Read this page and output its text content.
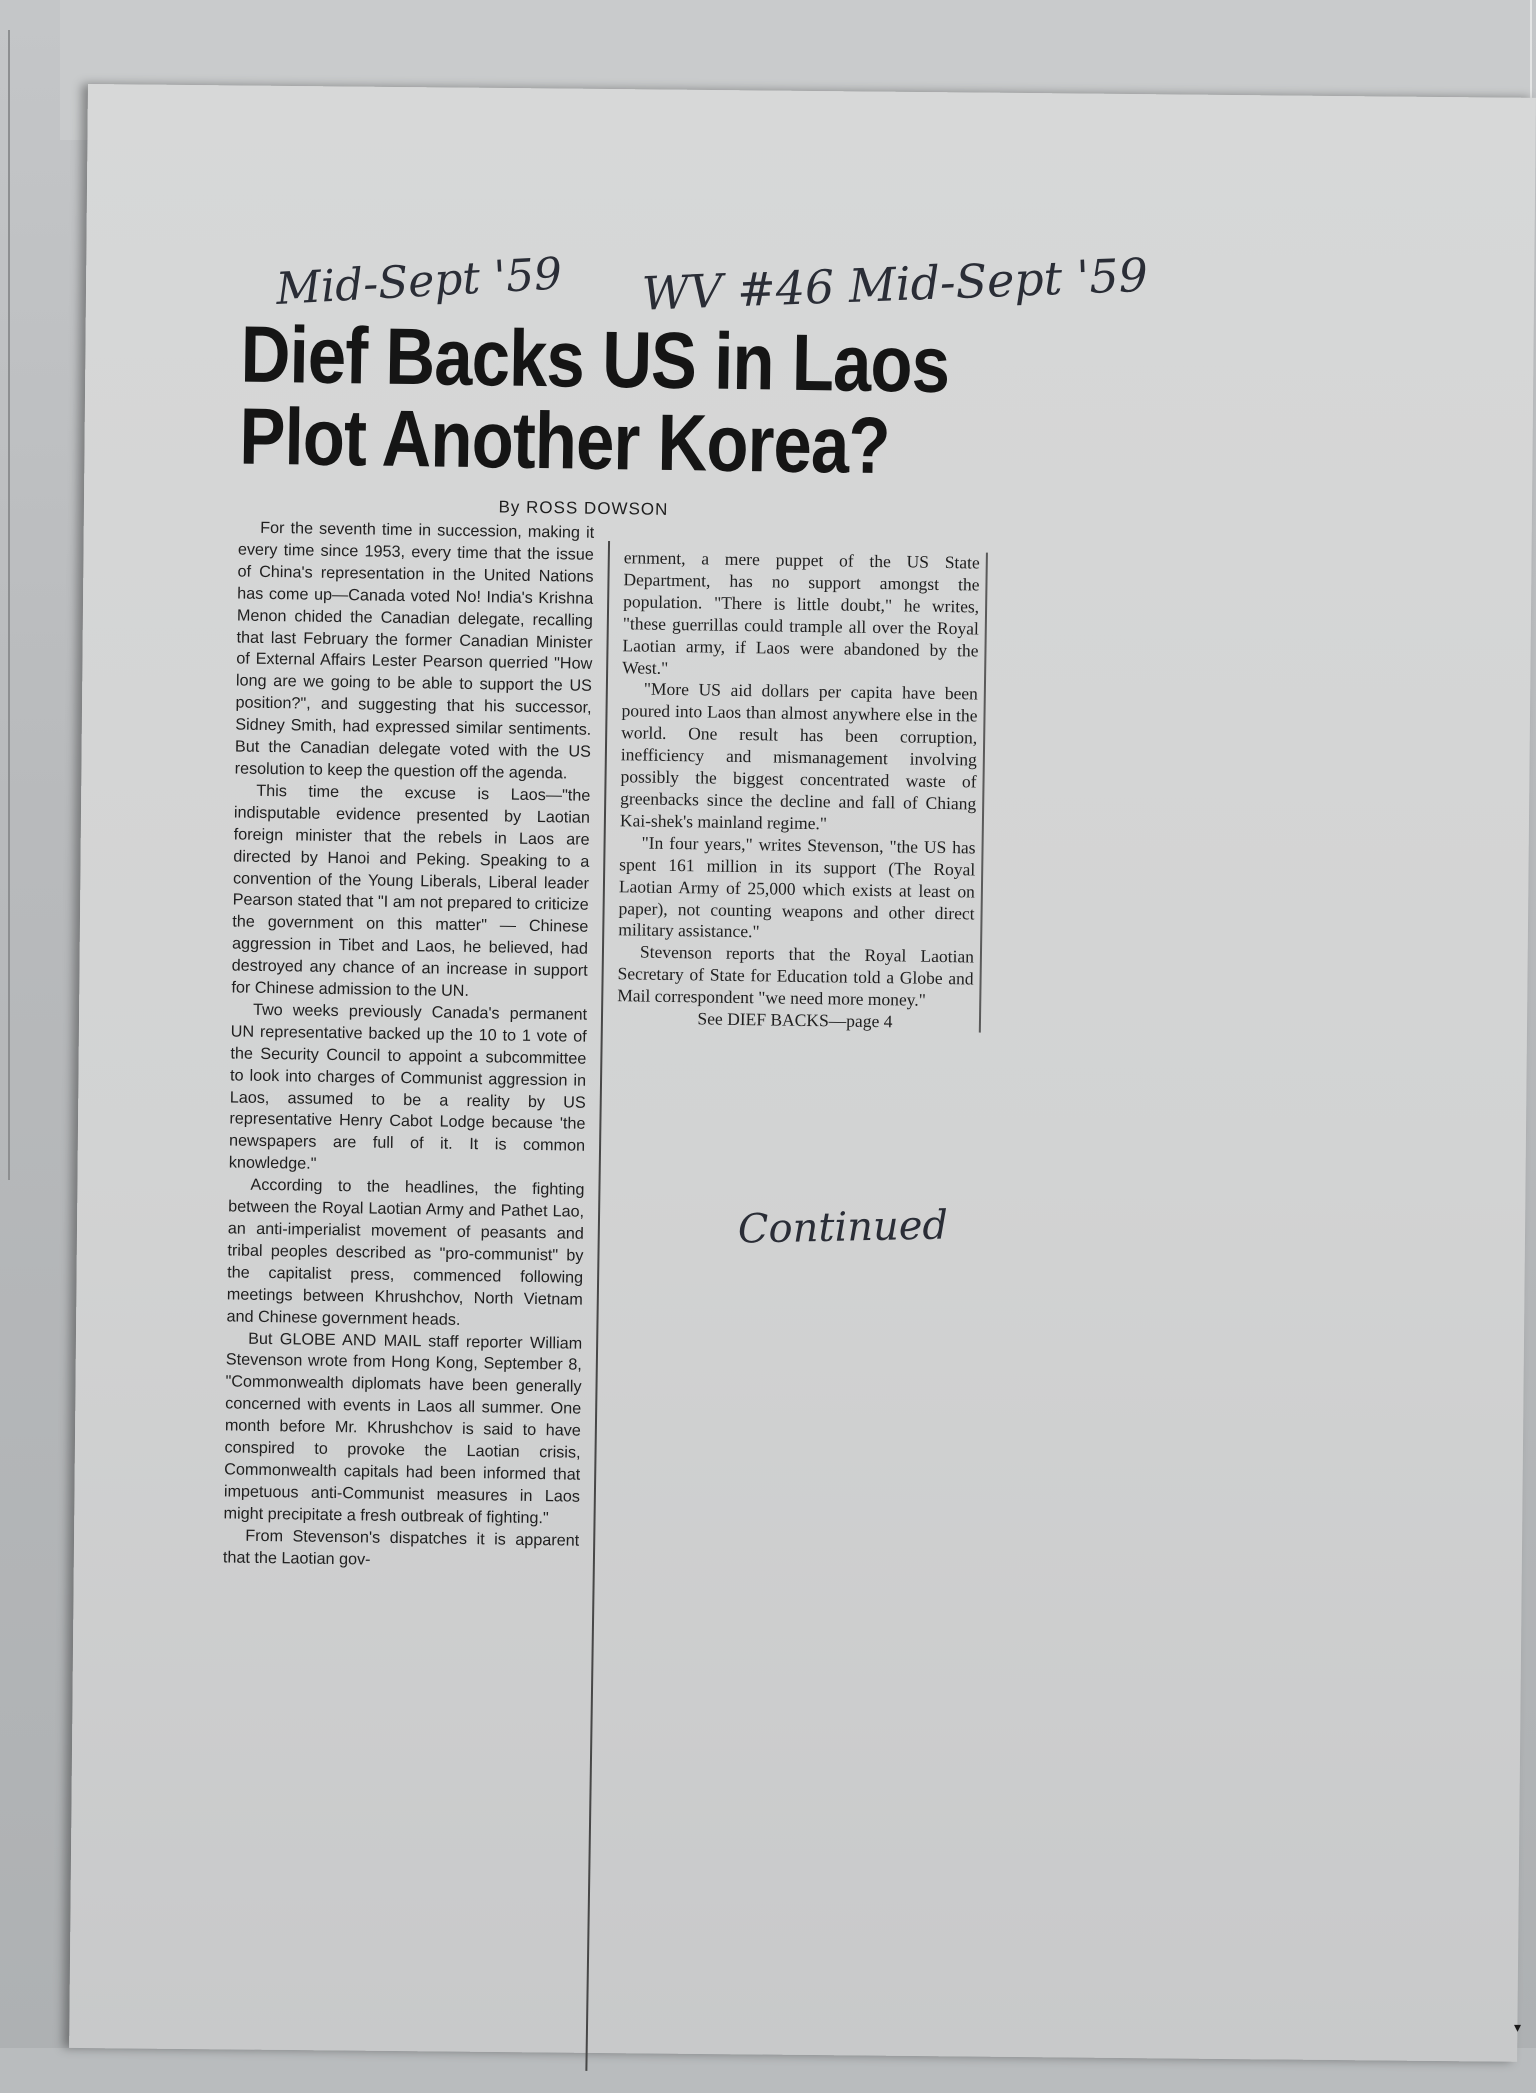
Mid-Sept '59 WV #46 Mid-Sept '59
Dief Backs US in Laos
Plot Another Korea?
By ROSS DOWSON

For the seventh time in succession, making it every time since 1953, every time that the issue of China's representation in the United Nations has come up—Canada voted No! India's Krishna Menon chided the Canadian delegate, recalling that last February the former Canadian Minister of External Affairs Lester Pearson querried "How long are we going to be able to support the US position?", and suggesting that his successor, Sidney Smith, had expressed similar sentiments. But the Canadian delegate voted with the US resolution to keep the question off the agenda.

This time the excuse is Laos—"the indisputable evidence presented by Laotian foreign minister that the rebels in Laos are directed by Hanoi and Peking. Speaking to a convention of the Young Liberals, Liberal leader Pearson stated that "I am not prepared to criticize the government on this matter" — Chinese aggression in Tibet and Laos, he believed, had destroyed any chance of an increase in support for Chinese admission to the UN.

Two weeks previously Canada's permanent UN representative backed up the 10 to 1 vote of the Security Council to appoint a subcommittee to look into charges of Communist aggression in Laos, assumed to be a reality by US representative Henry Cabot Lodge because 'the newspapers are full of it. It is common knowledge."

According to the headlines, the fighting between the Royal Laotian Army and Pathet Lao, an anti-imperialist movement of peasants and tribal peoples described as "pro-communist" by the capitalist press, commenced following meetings between Khrushchov, North Vietnam and Chinese government heads.

But GLOBE AND MAIL staff reporter William Stevenson wrote from Hong Kong, September 8, "Commonwealth diplomats have been generally concerned with events in Laos all summer. One month before Mr. Khrushchov is said to have conspired to provoke the Laotian crisis, Commonwealth capitals had been informed that impetuous anti-Communist measures in Laos might precipitate a fresh outbreak of fighting."

From Stevenson's dispatches it is apparent that the Laotian gov-

ernment, a mere puppet of the US State Department, has no support amongst the population. "There is little doubt," he writes, "these guerrillas could trample all over the Royal Laotian army, if Laos were abandoned by the West."

"More US aid dollars per capita have been poured into Laos than almost anywhere else in the world. One result has been corruption, inefficiency and mismanagement involving possibly the biggest concentrated waste of greenbacks since the decline and fall of Chiang Kai-shek's mainland regime."

"In four years," writes Stevenson, "the US has spent 161 million in its support (The Royal Laotian Army of 25,000 which exists at least on paper), not counting weapons and other direct military assistance."

Stevenson reports that the Royal Laotian Secretary of State for Education told a Globe and Mail correspondent "we need more money."

See DIEF BACKS—page 4

Continued
▾
